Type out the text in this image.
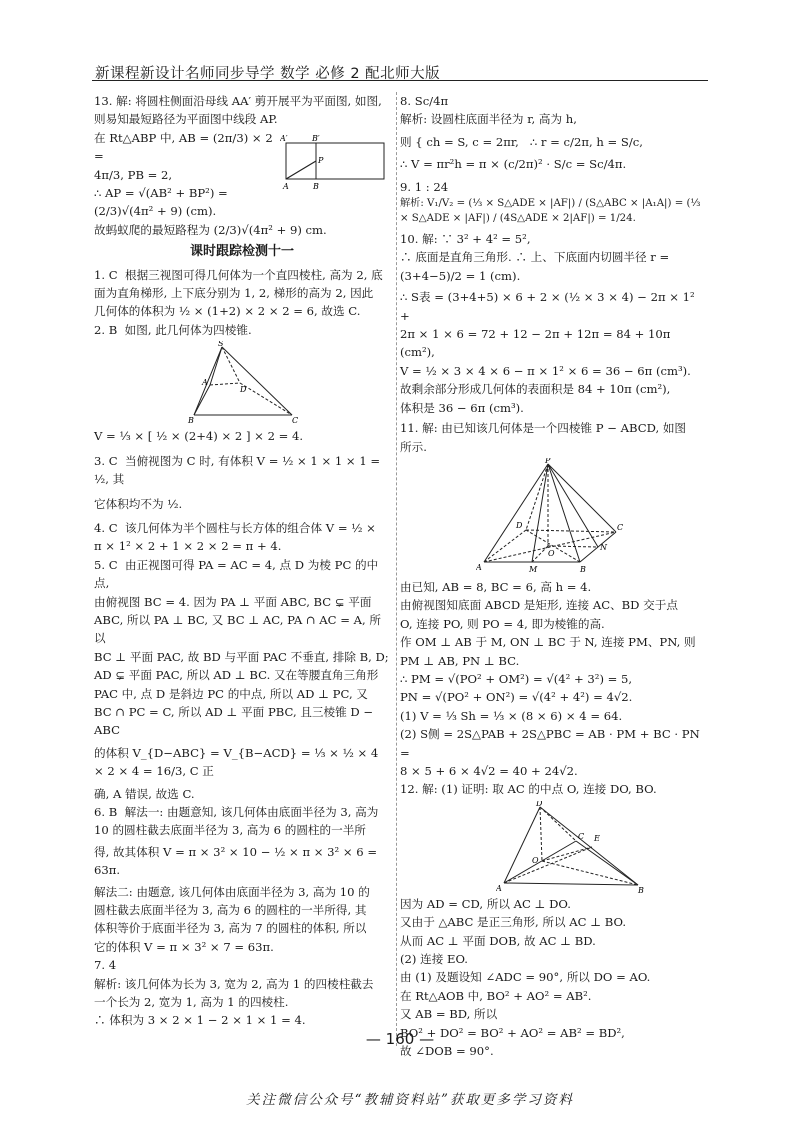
新课程新设计名师同步导学 数学 必修 2 配北师大版

13. 解: 将圆柱侧面沿母线 AA′ 剪开展平为平面图, 如图,

则易知最短路径为平面图中线段 AP.

在 Rt△ABP 中, AB = (2π/3) × 2 =

4π/3, PB = 2,

∴ AP = √(AB² + BP²) =

(2/3)√(4π² + 9) (cm).

A′	B′
P
A	B

故蚂蚁爬的最短路程为 (2/3)√(4π² + 9) cm.

课时跟踪检测十一

1. C  根据三视图可得几何体为一个直四棱柱, 高为 2, 底

面为直角梯形, 上下底分别为 1, 2, 梯形的高为 2, 因此

几何体的体积为 ½ × (1+2) × 2 × 2 = 6, 故选 C.

2. B  如图, 此几何体为四棱锥.

S
A
D
B	C

V = ⅓ × [ ½ × (2+4) × 2 ] × 2 = 4.

3. C  当俯视图为 C 时, 有体积 V = ½ × 1 × 1 × 1 = ½, 其

它体积均不为 ½.

4. C  该几何体为半个圆柱与长方体的组合体 V = ½ ×

π × 1² × 2 + 1 × 2 × 2 = π + 4.

5. C  由正视图可得 PA = AC = 4, 点 D 为棱 PC 的中点,

由俯视图 BC = 4. 因为 PA ⊥ 平面 ABC, BC ⊊ 平面

ABC, 所以 PA ⊥ BC, 又 BC ⊥ AC, PA ∩ AC = A, 所以

BC ⊥ 平面 PAC, 故 BD 与平面 PAC 不垂直, 排除 B, D;

AD ⊊ 平面 PAC, 所以 AD ⊥ BC. 又在等腰直角三角形

PAC 中, 点 D 是斜边 PC 的中点, 所以 AD ⊥ PC, 又

BC ∩ PC = C, 所以 AD ⊥ 平面 PBC, 且三棱锥 D − ABC

的体积 V_{D−ABC} = V_{B−ACD} = ⅓ × ½ × 4 × 2 × 4 = 16/3, C 正

确, A 错误, 故选 C.

6. B  解法一: 由题意知, 该几何体由底面半径为 3, 高为

10 的圆柱截去底面半径为 3, 高为 6 的圆柱的一半所

得, 故其体积 V = π × 3² × 10 − ½ × π × 3² × 6 = 63π.

解法二: 由题意, 该几何体由底面半径为 3, 高为 10 的

圆柱截去底面半径为 3, 高为 6 的圆柱的一半所得, 其

体积等价于底面半径为 3, 高为 7 的圆柱的体积, 所以

它的体积 V = π × 3² × 7 = 63π.

7. 4

解析: 该几何体为长为 3, 宽为 2, 高为 1 的四棱柱截去

一个长为 2, 宽为 1, 高为 1 的四棱柱.

∴ 体积为 3 × 2 × 1 − 2 × 1 × 1 = 4.

8. Sc/4π

解析: 设圆柱底面半径为 r, 高为 h,

则 { ch = S, c = 2πr,   ∴ r = c/2π, h = S/c,

∴ V = πr²h = π × (c/2π)² · S/c = Sc/4π.

9. 1 : 24

解析: V₁/V₂ = (⅓ × S△ADE × |AF|) / (S△ABC × |A₁A|) = (⅓ × S△ADE × |AF|) / (4S△ADE × 2|AF|) = 1/24.

10. 解: ∵ 3² + 4² = 5²,

∴ 底面是直角三角形. ∴ 上、下底面内切圆半径 r =

(3+4−5)/2 = 1 (cm).

∴ S表 = (3+4+5) × 6 + 2 × (½ × 3 × 4) − 2π × 1² +

2π × 1 × 6 = 72 + 12 − 2π + 12π = 84 + 10π (cm²),

V = ½ × 3 × 4 × 6 − π × 1² × 6 = 36 − 6π (cm³).

故剩余部分形成几何体的表面积是 84 + 10π (cm²),

体积是 36 − 6π (cm³).

11. 解: 由已知该几何体是一个四棱锥 P − ABCD, 如图

所示.

P
D	C
O
N
A	M	B

由已知, AB = 8, BC = 6, 高 h = 4.

由俯视图知底面 ABCD 是矩形, 连接 AC、BD 交于点

O, 连接 PO, 则 PO = 4, 即为棱锥的高.

作 OM ⊥ AB 于 M, ON ⊥ BC 于 N, 连接 PM、PN, 则

PM ⊥ AB, PN ⊥ BC.

∴ PM = √(PO² + OM²) = √(4² + 3²) = 5,

PN = √(PO² + ON²) = √(4² + 4²) = 4√2.

(1) V = ⅓ Sh = ⅓ × (8 × 6) × 4 = 64.

(2) S侧 = 2S△PAB + 2S△PBC = AB · PM + BC · PN =

8 × 5 + 6 × 4√2 = 40 + 24√2.

12. 解: (1) 证明: 取 AC 的中点 O, 连接 DO, BO.

D
E
C
O
A	B

因为 AD = CD, 所以 AC ⊥ DO.

又由于 △ABC 是正三角形, 所以 AC ⊥ BO.

从而 AC ⊥ 平面 DOB, 故 AC ⊥ BD.

(2) 连接 EO.

由 (1) 及题设知 ∠ADC = 90°, 所以 DO = AO.

在 Rt△AOB 中, BO² + AO² = AB².

又 AB = BD, 所以

BO² + DO² = BO² + AO² = AB² = BD²,

故 ∠DOB = 90°.

— 160 —
关注微信公众号“教辅资料站”获取更多学习资料
